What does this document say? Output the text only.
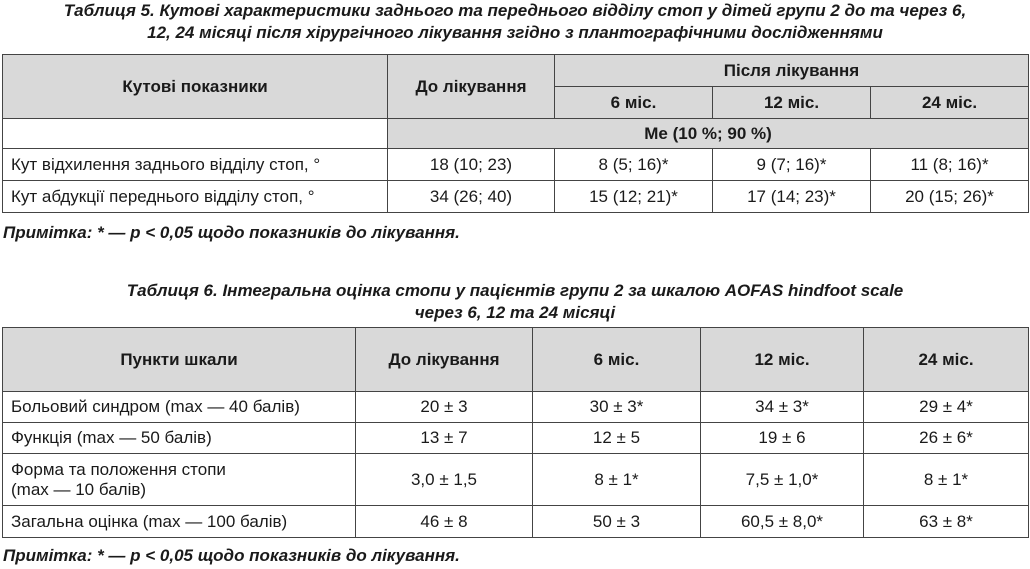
Таблиця 5. Кутові характеристики заднього та переднього відділу стоп у дітей групи 2 до та через 6,
12, 24 місяці після хірургічного лікування згідно з плантографічними дослідженнями
Кутові показники	До лікування	Після лікування		
		6 міс.	12 міс.	24 міс.
	Ме (10 %; 90 %)			
Кут відхилення заднього відділу стоп, °	18 (10; 23)	8 (5; 16)*	9 (7; 16)*	11 (8; 16)*
Кут абдукції переднього відділу стоп, °	34 (26; 40)	15 (12; 21)*	17 (14; 23)*	20 (15; 26)*
Примітка: * — р < 0,05 щодо показників до лікування.
Таблиця 6. Інтегральна оцінка стопи у пацієнтів групи 2 за шкалою AOFAS hindfoot scale
через 6, 12 та 24 місяці
Пункти шкали	До лікування	6 міс.	12 міс.	24 міс.
Больовий синдром (max — 40 балів)	20 ± 3	30 ± 3*	34 ± 3*	29 ± 4*
Функція (max — 50 балів)	13 ± 7	12 ± 5	19 ± 6	26 ± 6*

Форма та положення стопи
(max — 10 балів)	3,0 ± 1,5	8 ± 1*	7,5 ± 1,0*	8 ± 1*
Загальна оцінка (max — 100 балів)	46 ± 8	50 ± 3	60,5 ± 8,0*	63 ± 8*
Примітка: * — р < 0,05 щодо показників до лікування.
